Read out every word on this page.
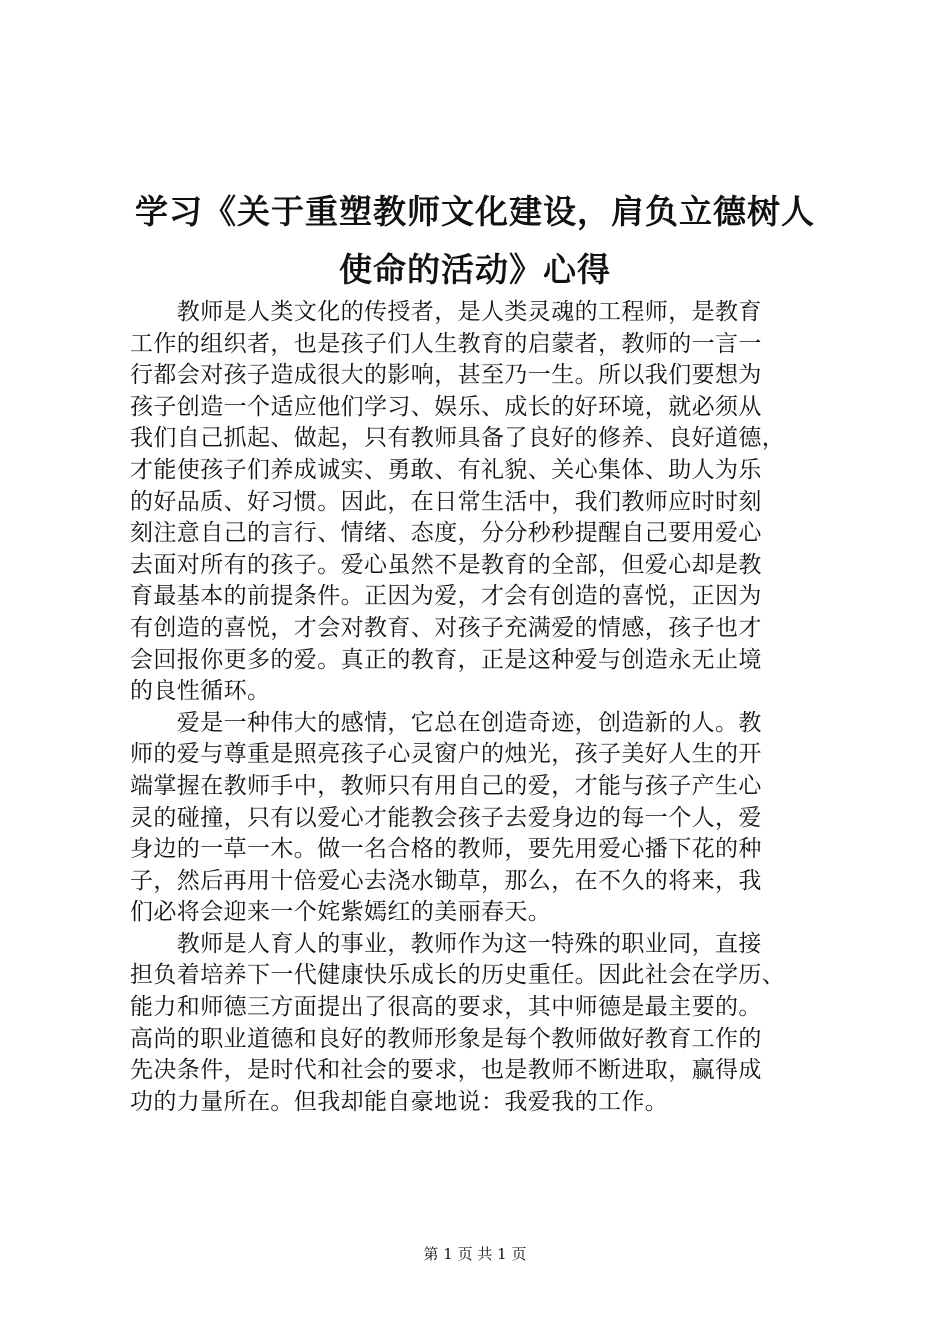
学习《关于重塑教师文化建设，肩负立德树人
使命的活动》心得
　　教师是人类文化的传授者，是人类灵魂的工程师，是教育
工作的组织者，也是孩子们人生教育的启蒙者，教师的一言一
行都会对孩子造成很大的影响，甚至乃一生。所以我们要想为
孩子创造一个适应他们学习、娱乐、成长的好环境，就必须从
我们自己抓起、做起，只有教师具备了良好的修养、良好道德，
才能使孩子们养成诚实、勇敢、有礼貌、关心集体、助人为乐
的好品质、好习惯。因此，在日常生活中，我们教师应时时刻
刻注意自己的言行、情绪、态度，分分秒秒提醒自己要用爱心
去面对所有的孩子。爱心虽然不是教育的全部，但爱心却是教
育最基本的前提条件。正因为爱，才会有创造的喜悦，正因为
有创造的喜悦，才会对教育、对孩子充满爱的情感，孩子也才
会回报你更多的爱。真正的教育，正是这种爱与创造永无止境
的良性循环。
　　爱是一种伟大的感情，它总在创造奇迹，创造新的人。教
师的爱与尊重是照亮孩子心灵窗户的烛光，孩子美好人生的开
端掌握在教师手中，教师只有用自己的爱，才能与孩子产生心
灵的碰撞，只有以爱心才能教会孩子去爱身边的每一个人，爱
身边的一草一木。做一名合格的教师，要先用爱心播下花的种
子，然后再用十倍爱心去浇水锄草，那么，在不久的将来，我
们必将会迎来一个姹紫嫣红的美丽春天。
　　教师是人育人的事业，教师作为这一特殊的职业同，直接
担负着培养下一代健康快乐成长的历史重任。因此社会在学历、
能力和师德三方面提出了很高的要求，其中师德是最主要的。
高尚的职业道德和良好的教师形象是每个教师做好教育工作的
先决条件，是时代和社会的要求，也是教师不断进取，赢得成
功的力量所在。但我却能自豪地说：我爱我的工作。
第 1 页 共 1 页
